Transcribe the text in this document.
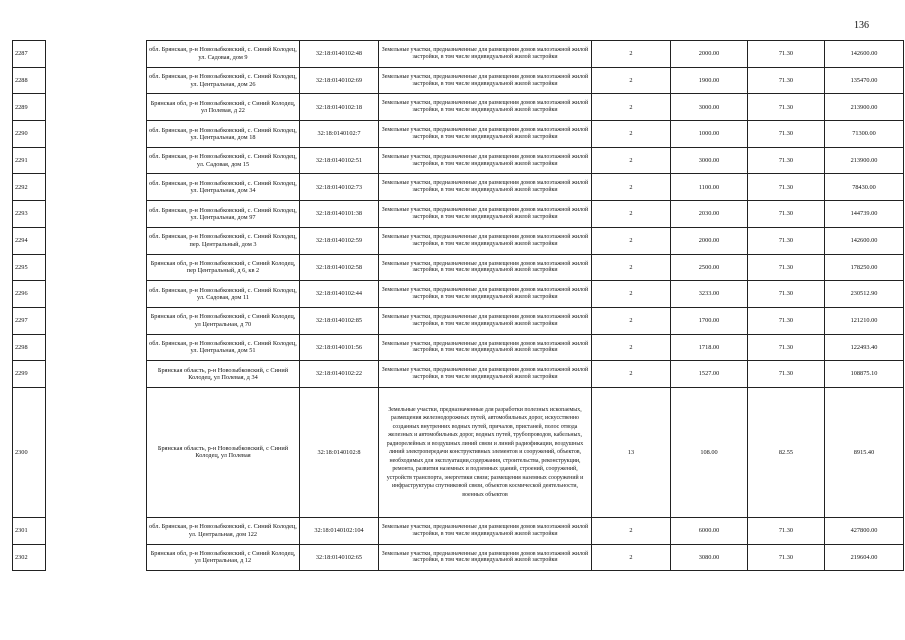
136
2287		обл. Брянская, р-н Новозыбковский, с. Синий Колодец, ул. Садовая, дом 9	32:18:0140102:48	Земельные участки, предназначенные для размещения домов малоэтажной жилой застройки, в том числе индивидуальной жилой застройки	2	2000.00	71.30	142600.00
2288		обл. Брянская, р-н Новозыбковский, с. Синий Колодец, ул. Центральная, дом 26	32:18:0140102:69	Земельные участки, предназначенные для размещения домов малоэтажной жилой застройки, в том числе индивидуальной жилой застройки	2	1900.00	71.30	135470.00
2289		Брянская обл, р-н Новозыбковский, с Синий Колодец, ул Полевая, д 22	32:18:0140102:18	Земельные участки, предназначенные для размещения домов малоэтажной жилой застройки, в том числе индивидуальной жилой застройки	2	3000.00	71.30	213900.00
2290		обл. Брянская, р-н Новозыбковский, с. Синий Колодец, ул. Центральная, дом 18	32:18:0140102:7	Земельные участки, предназначенные для размещения домов малоэтажной жилой застройки, в том числе индивидуальной жилой застройки	2	1000.00	71.30	71300.00
2291		обл. Брянская, р-н Новозыбковский, с. Синий Колодец, ул. Садовая, дом 15	32:18:0140102:51	Земельные участки, предназначенные для размещения домов малоэтажной жилой застройки, в том числе индивидуальной жилой застройки	2	3000.00	71.30	213900.00
2292		обл. Брянская, р-н Новозыбковский, с. Синий Колодец, ул. Центральная, дом 34	32:18:0140102:73	Земельные участки, предназначенные для размещения домов малоэтажной жилой застройки, в том числе индивидуальной жилой застройки	2	1100.00	71.30	78430.00
2293		обл. Брянская, р-н Новозыбковский, с. Синий Колодец, ул. Центральная, дом 97	32:18:0140101:38	Земельные участки, предназначенные для размещения домов малоэтажной жилой застройки, в том числе индивидуальной жилой застройки	2	2030.00	71.30	144739.00
2294		обл. Брянская, р-н Новозыбковский, с. Синий Колодец, пер. Центральный, дом 3	32:18:0140102:59	Земельные участки, предназначенные для размещения домов малоэтажной жилой застройки, в том числе индивидуальной жилой застройки	2	2000.00	71.30	142600.00
2295		Брянская обл, р-н Новозыбковский, с Синий Колодец, пер Центральный, д 6, кв 2	32:18:0140102:58	Земельные участки, предназначенные для размещения домов малоэтажной жилой застройки, в том числе индивидуальной жилой застройки	2	2500.00	71.30	178250.00
2296		обл. Брянская, р-н Новозыбковский, с. Синий Колодец, ул. Садовая, дом 11	32:18:0140102:44	Земельные участки, предназначенные для размещения домов малоэтажной жилой застройки, в том числе индивидуальной жилой застройки	2	3233.00	71.30	230512.90
2297		Брянская обл, р-н Новозыбковский, с Синий Колодец, ул Центральная, д 70	32:18:0140102:85	Земельные участки, предназначенные для размещения домов малоэтажной жилой застройки, в том числе индивидуальной жилой застройки	2	1700.00	71.30	121210.00
2298		обл. Брянская, р-н Новозыбковский, с. Синий Колодец, ул. Центральная, дом 51	32:18:0140101:56	Земельные участки, предназначенные для размещения домов малоэтажной жилой застройки, в том числе индивидуальной жилой застройки	2	1718.00	71.30	122493.40
2299		Брянская область, р-н Новозыбковский, с Синий Колодец, ул Полевая, д 34	32:18:0140102:22	Земельные участки, предназначенные для размещения домов малоэтажной жилой застройки, в том числе индивидуальной жилой застройки	2	1527.00	71.30	108875.10
2300		Брянская область, р-н Новозыбковский, с Синий Колодец, ул Полевая	32:18:0140102:8	Земельные участки, предназначенные для разработки полезных ископаемых, размещения железнодорожных путей, автомобильных дорог, искусственно созданных внутренних водных путей, причалов, пристаней, полос отвода железных и автомобильных дорог, водных путей, трубопроводов, кабельных, радиорелейных и воздушных линий связи и линий радиофикации, воздушных линий электропередачи конструктивных элементов и сооружений, объектов, необходимых для эксплуатации,содержания, строительства, реконструкции, ремонта, развития наземных и подземных зданий, строений, сооружений, устройств транспорта, энергетики связи; размещения наземных сооружений и инфраструктуры спутниковой связи, объектов космической деятельности, военных объектов	13	108.00	82.55	8915.40
2301		обл. Брянская, р-н Новозыбковский, с. Синий Колодец, ул. Центральная, дом 122	32:18:0140102:104	Земельные участки, предназначенные для размещения домов малоэтажной жилой застройки, в том числе индивидуальной жилой застройки	2	6000.00	71.30	427800.00
2302		Брянская обл, р-н Новозыбковский, с Синий Колодец, ул Центральная, д 12	32:18:0140102:65	Земельные участки, предназначенные для размещения домов малоэтажной жилой застройки, в том числе индивидуальной жилой застройки	2	3080.00	71.30	219604.00
